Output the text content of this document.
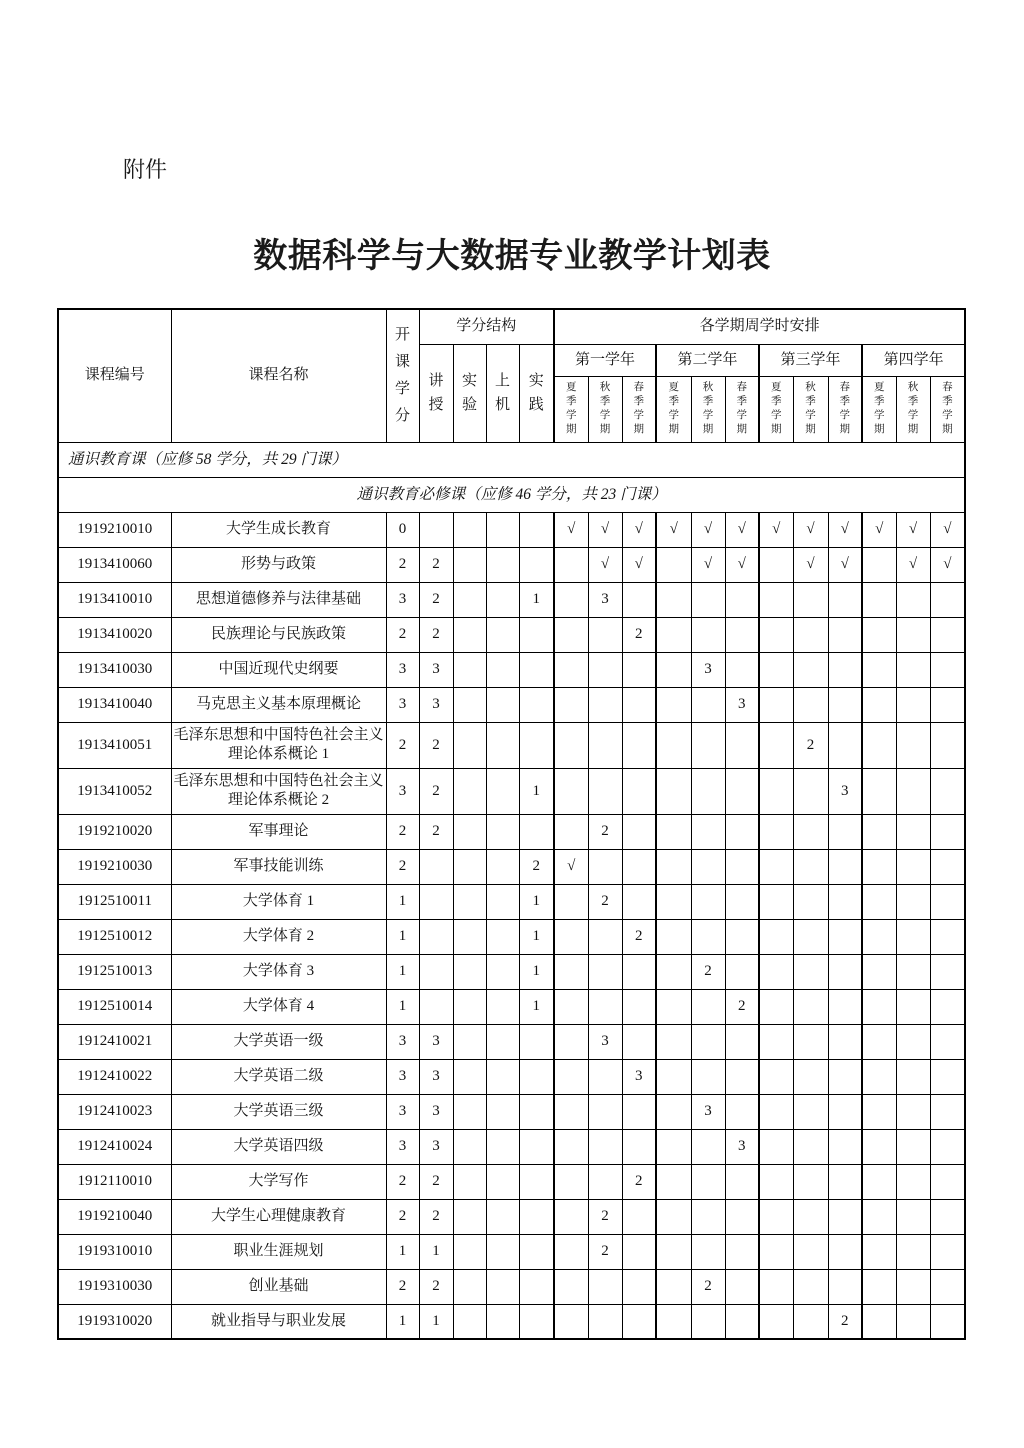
附件
数据科学与大数据专业教学计划表
课程编号	课程名称	开课学分	学分结构				各学期周学时安排											

			讲授	实验	上机	实践	第一学年			第二学年			第三学年			第四学年		

							夏季学期	秋季学期	春季学期	夏季学期	秋季学期	春季学期	夏季学期	秋季学期	春季学期	夏季学期	秋季学期	春季学期

通识教育课（应修 58 学分，共 29 门课）																		
通识教育必修课（应修 46 学分，共 23 门课）																		
1919210010	大学生成长教育	0					√	√	√	√	√	√	√	√	√	√	√	√
1913410060	形势与政策	2	2					√	√		√	√		√	√		√	√
1913410010	思想道德修养与法律基础	3	2			1		3										
1913410020	民族理论与民族政策	2	2						2									
1913410030	中国近现代史纲要	3	3								3							
1913410040	马克思主义基本原理概论	3	3									3						
1913410051	毛泽东思想和中国特色社会主义理论体系概论 1	2	2											2				
1913410052	毛泽东思想和中国特色社会主义理论体系概论 2	3	2			1									3			
1919210020	军事理论	2	2					2										
1919210030	军事技能训练	2				2	√											
1912510011	大学体育 1	1				1		2										
1912510012	大学体育 2	1				1			2									
1912510013	大学体育 3	1				1					2							
1912510014	大学体育 4	1				1						2						
1912410021	大学英语一级	3	3					3										
1912410022	大学英语二级	3	3						3									
1912410023	大学英语三级	3	3								3							
1912410024	大学英语四级	3	3									3						
1912110010	大学写作	2	2						2									
1919210040	大学生心理健康教育	2	2					2										
1919310010	职业生涯规划	1	1					2										
1919310030	创业基础	2	2								2							
1919310020	就业指导与职业发展	1	1												2			
